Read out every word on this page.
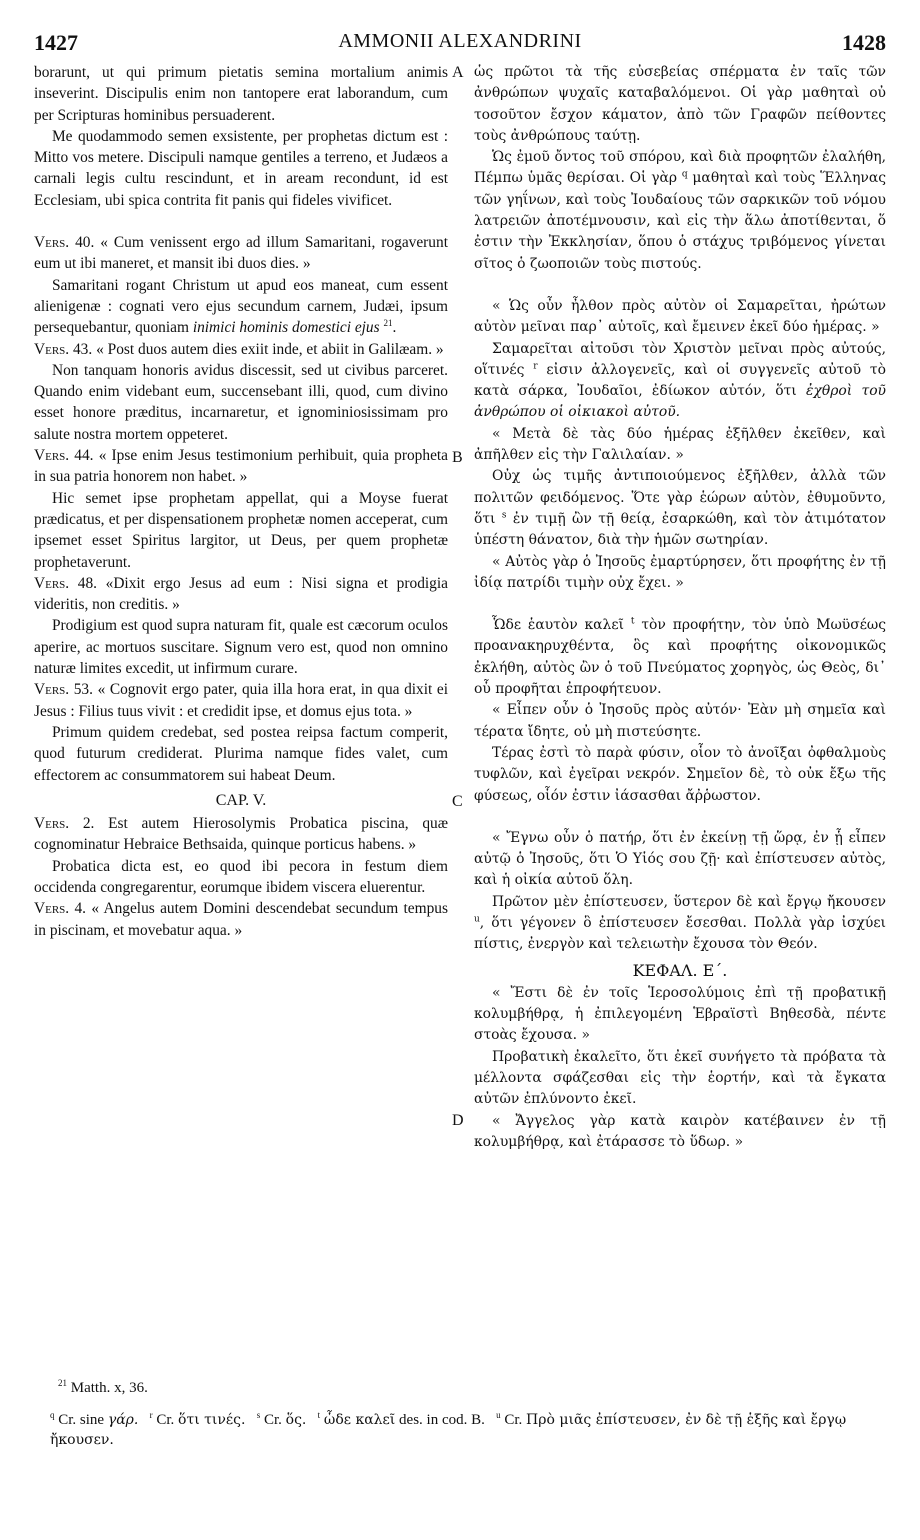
1427	AMMONII ALEXANDRINI	1428
A
B
C
D

borarunt, ut qui primum pietatis semina mortalium animis inseverint. Discipulis enim non tantopere erat laborandum, cum per Scripturas hominibus persuaderent.

Me quodammodo semen exsistente, per prophetas dictum est : Mitto vos metere. Discipuli namque gentiles a terreno, et Judæos a carnali legis cultu rescindunt, et in aream recondunt, id est Ecclesiam, ubi spica contrita fit panis qui fideles vivificet.

Vers. 40. « Cum venissent ergo ad illum Samaritani, rogaverunt eum ut ibi maneret, et mansit ibi duos dies. »

Samaritani rogant Christum ut apud eos maneat, cum essent alienigenæ : cognati vero ejus secundum carnem, Judæi, ipsum persequebantur, quoniam inimici hominis domestici ejus $^{21}$.

Vers. 43. « Post duos autem dies exiit inde, et abiit in Galilæam. »

Non tanquam honoris avidus discessit, sed ut civibus parceret. Quando enim videbant eum, succensebant illi, quod, cum divino esset honore præditus, incarnaretur, et ignominiosissimam pro salute nostra mortem oppeteret.

Vers. 44. « Ipse enim Jesus testimonium perhibuit, quia propheta in sua patria honorem non habet. »

Hic semet ipse prophetam appellat, qui a Moyse fuerat prædicatus, et per dispensationem prophetæ nomen acceperat, cum ipsemet esset Spiritus largitor, ut Deus, per quem prophetæ prophetaverunt.

Vers. 48. «Dixit ergo Jesus ad eum : Nisi signa et prodigia videritis, non creditis. »

Prodigium est quod supra naturam fit, quale est cæcorum oculos aperire, ac mortuos suscitare. Signum vero est, quod non omnino naturæ limites excedit, ut infirmum curare.

Vers. 53. « Cognovit ergo pater, quia illa hora erat, in qua dixit ei Jesus : Filius tuus vivit : et credidit ipse, et domus ejus tota. »

Primum quidem credebat, sed postea reipsa factum comperit, quod futurum crediderat. Plurima namque fides valet, cum effectorem ac consummatorem sui habeat Deum.

CAP. V.

Vers. 2. Est autem Hierosolymis Probatica piscina, quæ cognominatur Hebraice Bethsaida, quinque porticus habens. »

Probatica dicta est, eo quod ibi pecora in festum diem occidenda congregarentur, eorumque ibidem viscera eluerentur.

Vers. 4. « Angelus autem Domini descendebat secundum tempus in piscinam, et movebatur aqua. »

ὡς πρῶτοι τὰ τῆς εὐσεβείας σπέρματα ἐν ταῖς τῶν ἀνθρώπων ψυχαῖς καταβαλόμενοι. Οἱ γὰρ μαθηταὶ οὐ τοσοῦτον ἔσχον κάματον, ἀπὸ τῶν Γραφῶν πείθοντες τοὺς ἀνθρώπους ταύτῃ.

Ὡς ἐμοῦ ὄντος τοῦ σπόρου, καὶ διὰ προφητῶν ἐλαλήθη, Πέμπω ὑμᾶς θερίσαι. Οἱ γὰρ $^q$ μαθηταὶ καὶ τοὺς Ἕλληνας τῶν γηΐνων, καὶ τοὺς Ἰουδαίους τῶν σαρκικῶν τοῦ νόμου λατρειῶν ἀποτέμνουσιν, καὶ εἰς τὴν ἅλω ἀποτίθενται, ὅ ἐστιν τὴν Ἐκκλησίαν, ὅπου ὁ στάχυς τριβόμενος γίνεται σῖτος ὁ ζωοποιῶν τοὺς πιστούς.

« Ὡς οὖν ἦλθον πρὸς αὐτὸν οἱ Σαμαρεῖται, ἠρώτων αὐτὸν μεῖναι παρ᾽ αὐτοῖς, καὶ ἔμεινεν ἐκεῖ δύο ἡμέρας. »

Σαμαρεῖται αἰτοῦσι τὸν Χριστὸν μεῖναι πρὸς αὐτούς, οἵτινές $^r$ εἰσιν ἀλλογενεῖς, καὶ οἱ συγγενεῖς αὐτοῦ τὸ κατὰ σάρκα, Ἰουδαῖοι, ἐδίωκον αὐτόν, ὅτι ἐχθροὶ τοῦ ἀνθρώπου οἱ οἰκιακοὶ αὐτοῦ.

« Μετὰ δὲ τὰς δύο ἡμέρας ἐξῆλθεν ἐκεῖθεν, καὶ ἀπῆλθεν εἰς τὴν Γαλιλαίαν. »

Οὐχ ὡς τιμῆς ἀντιποιούμενος ἐξῆλθεν, ἀλλὰ τῶν πολιτῶν φειδόμενος. Ὅτε γὰρ ἑώρων αὐτὸν, ἐθυμοῦντο, ὅτι $^s$ ἐν τιμῇ ὢν τῇ θείᾳ, ἐσαρκώθη, καὶ τὸν ἀτιμότατον ὑπέστη θάνατον, διὰ τὴν ἡμῶν σωτηρίαν.

« Αὐτὸς γὰρ ὁ Ἰησοῦς ἐμαρτύρησεν, ὅτι προφήτης ἐν τῇ ἰδίᾳ πατρίδι τιμὴν οὐχ ἔχει. »

Ὧδε ἑαυτὸν καλεῖ $^t$ τὸν προφήτην, τὸν ὑπὸ Μωϋσέως προανακηρυχθέντα, ὃς καὶ προφήτης οἰκονομικῶς ἐκλήθη, αὐτὸς ὢν ὁ τοῦ Πνεύματος χορηγὸς, ὡς Θεὸς, δι᾽ οὗ προφῆται ἐπροφήτευον.

« Εἶπεν οὖν ὁ Ἰησοῦς πρὸς αὐτόν· Ἐὰν μὴ σημεῖα καὶ τέρατα ἴδητε, οὐ μὴ πιστεύσητε.

Τέρας ἐστὶ τὸ παρὰ φύσιν, οἷον τὸ ἀνοῖξαι ὀφθαλμοὺς τυφλῶν, καὶ ἐγεῖραι νεκρόν. Σημεῖον δὲ, τὸ οὐκ ἔξω τῆς φύσεως, οἷόν ἐστιν ἰάσασθαι ἄῤῥωστον.

« Ἔγνω οὖν ὁ πατήρ, ὅτι ἐν ἐκείνῃ τῇ ὥρᾳ, ἐν ᾗ εἶπεν αὐτῷ ὁ Ἰησοῦς, ὅτι Ὁ Υἱός σου ζῇ· καὶ ἐπίστευσεν αὐτὸς, καὶ ἡ οἰκία αὐτοῦ ὅλη.

Πρῶτον μὲν ἐπίστευσεν, ὕστερον δὲ καὶ ἔργῳ ἤκουσεν $^u$, ὅτι γέγονεν ὃ ἐπίστευσεν ἔσεσθαι. Πολλὰ γὰρ ἰσχύει πίστις, ἐνεργὸν καὶ τελειωτὴν ἔχουσα τὸν Θεόν.

ΚΕΦΑΛ. Ε΄.

« Ἔστι δὲ ἐν τοῖς Ἱεροσολύμοις ἐπὶ τῇ προβατικῇ κολυμβήθρᾳ, ἡ ἐπιλεγομένη Ἑβραϊστὶ Βηθεσδὰ, πέντε στοὰς ἔχουσα. »

Προβατικὴ ἐκαλεῖτο, ὅτι ἐκεῖ συνήγετο τὰ πρόβατα τὰ μέλλοντα σφάζεσθαι εἰς τὴν ἑορτήν, καὶ τὰ ἔγκατα αὐτῶν ἐπλύνοντο ἐκεῖ.

« Ἄγγελος γὰρ κατὰ καιρὸν κατέβαινεν ἐν τῇ κολυμβήθρᾳ, καὶ ἐτάρασσε τὸ ὕδωρ. »

$^{21}$ Matth. x, 36.
$^q$ Cr. sine γάρ. $^r$ Cr. ὅτι τινές. $^s$ Cr. ὅς. $^t$ ὧδε καλεῖ des. in cod. B. $^u$ Cr. Πρὸ μιᾶς ἐπίστευσεν, ἐν δὲ τῇ ἑξῆς καὶ ἔργῳ ἤκουσεν.
